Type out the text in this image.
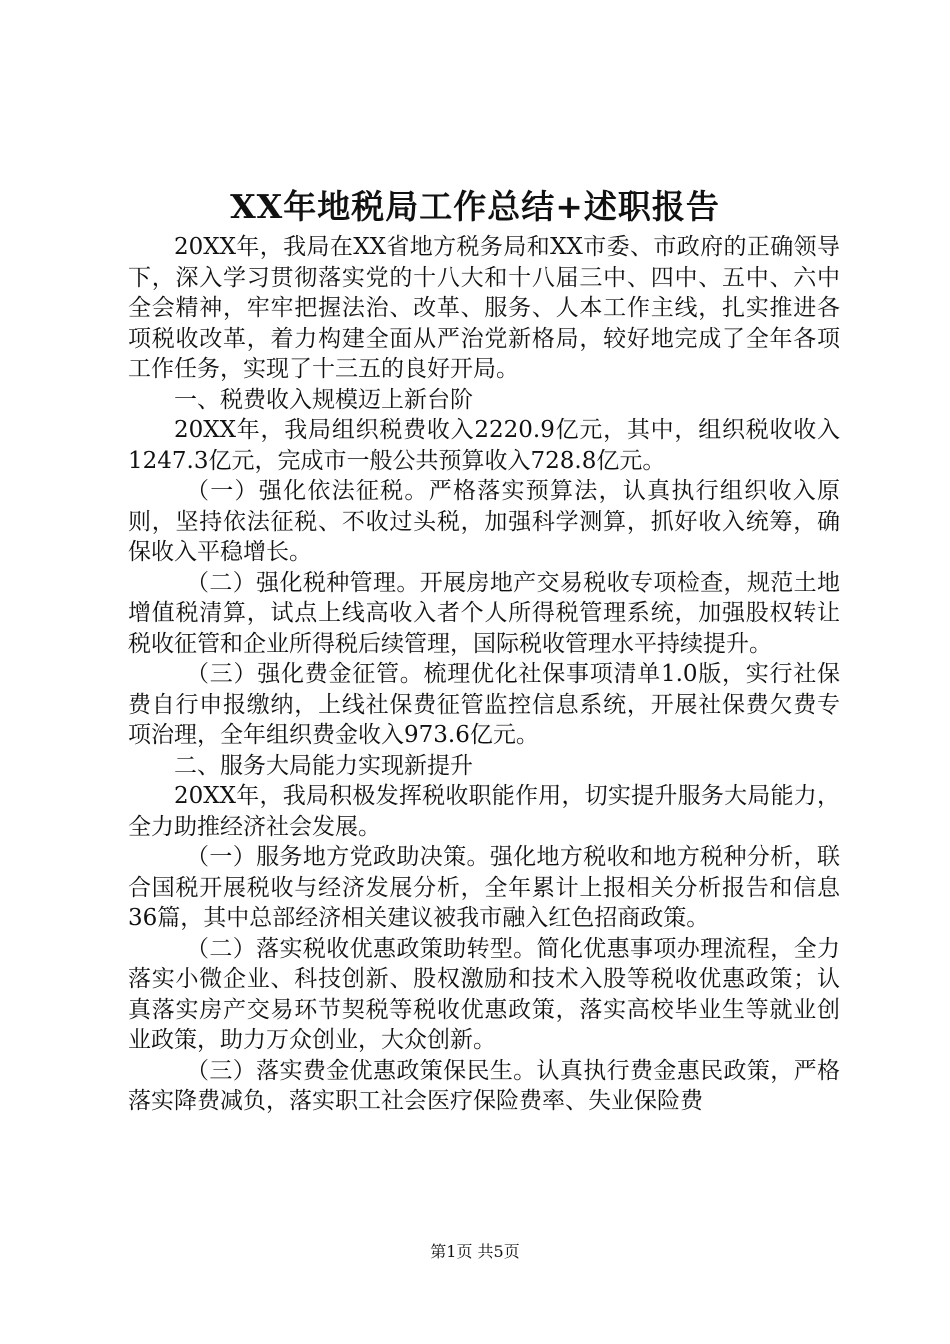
XX年地税局工作总结+述职报告

20XX年，我局在XX省地方税务局和XX市委、市政府的正确领导下，深入学习贯彻落实党的十八大和十八届三中、四中、五中、六中全会精神，牢牢把握法治、改革、服务、人本工作主线，扎实推进各项税收改革，着力构建全面从严治党新格局，较好地完成了全年各项工作任务，实现了十三五的良好开局。

一、税费收入规模迈上新台阶

20XX年，我局组织税费收入2220.9亿元，其中，组织税收收入1247.3亿元，完成市一般公共预算收入728.8亿元。

（一）强化依法征税。严格落实预算法，认真执行组织收入原则，坚持依法征税、不收过头税，加强科学测算，抓好收入统筹，确保收入平稳增长。

（二）强化税种管理。开展房地产交易税收专项检查，规范土地增值税清算，试点上线高收入者个人所得税管理系统，加强股权转让税收征管和企业所得税后续管理，国际税收管理水平持续提升。

（三）强化费金征管。梳理优化社保事项清单1.0版，实行社保费自行申报缴纳，上线社保费征管监控信息系统，开展社保费欠费专项治理，全年组织费金收入973.6亿元。

二、服务大局能力实现新提升

20XX年，我局积极发挥税收职能作用，切实提升服务大局能力，全力助推经济社会发展。

（一）服务地方党政助决策。强化地方税收和地方税种分析，联合国税开展税收与经济发展分析，全年累计上报相关分析报告和信息36篇，其中总部经济相关建议被我市融入红色招商政策。

（二）落实税收优惠政策助转型。简化优惠事项办理流程，全力落实小微企业、科技创新、股权激励和技术入股等税收优惠政策；认真落实房产交易环节契税等税收优惠政策，落实高校毕业生等就业创业政策，助力万众创业，大众创新。

（三）落实费金优惠政策保民生。认真执行费金惠民政策，严格落实降费减负，落实职工社会医疗保险费率、失业保险费

第1页 共5页
